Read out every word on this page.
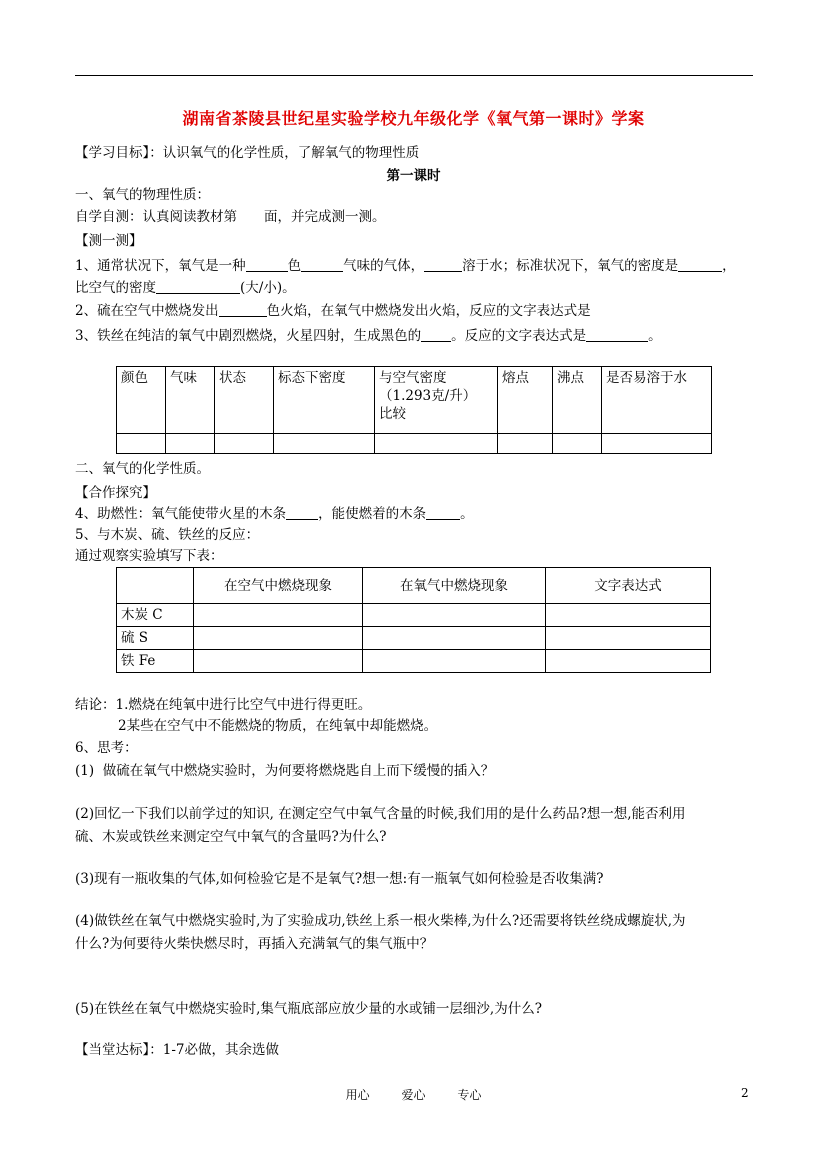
湖南省茶陵县世纪星实验学校九年级化学《氧气第一课时》学案
【学习目标】：认识氧气的化学性质，了解氧气的物理性质
第一课时
一、氧气的物理性质：
自学自测：认真阅读教材第　　面，并完成测一测。
【测一测】
1、通常状况下，氧气是一种	色	气味的气体，	溶于水；标准状况下，氧气的密度是	，
比空气的密度	(大/小)。
2、硫在空气中燃烧发出	色火焰，在氧气中燃烧发出火焰，反应的文字表达式是
3、铁丝在纯洁的氧气中剧烈燃烧，火星四射，生成黑色的 。反应的文字表达式是	。
颜色	气味	状态	标态下密度	与空气密度
（1.293克/升）
比较	熔点	沸点	是否易溶于水

二、氧气的化学性质。
【合作探究】
4、助燃性：氧气能使带火星的木条 ，能使燃着的木条	。
5、与木炭、硫、铁丝的反应：
通过观察实验填写下表：
	在空气中燃烧现象	在氧气中燃烧现象	文字表达式
木炭 C			
硫 S			
铁 Fe			
结论：1.燃烧在纯氧中进行比空气中进行得更旺。
2某些在空气中不能燃烧的物质，在纯氧中却能燃烧。
6、思考：
(1)  做硫在氧气中燃烧实验时，为何要将燃烧匙自上而下缓慢的插入？
(2)回忆一下我们以前学过的知识, 在测定空气中氧气含量的时候,我们用的是什么药品?想一想,能否利用
硫、木炭或铁丝来测定空气中氧气的含量吗?为什么?
(3)现有一瓶收集的气体,如何检验它是不是氧气?想一想:有一瓶氧气如何检验是否收集满?
(4)做铁丝在氧气中燃烧实验时,为了实验成功,铁丝上系一根火柴棒,为什么?还需要将铁丝绕成螺旋状,为
什么?为何要待火柴快燃尽时，再插入充满氧气的集气瓶中？
(5)在铁丝在氧气中燃烧实验时,集气瓶底部应放少量的水或铺一层细沙,为什么?
【当堂达标】：1-7必做，其余选做
用心	爱心	专心	2
